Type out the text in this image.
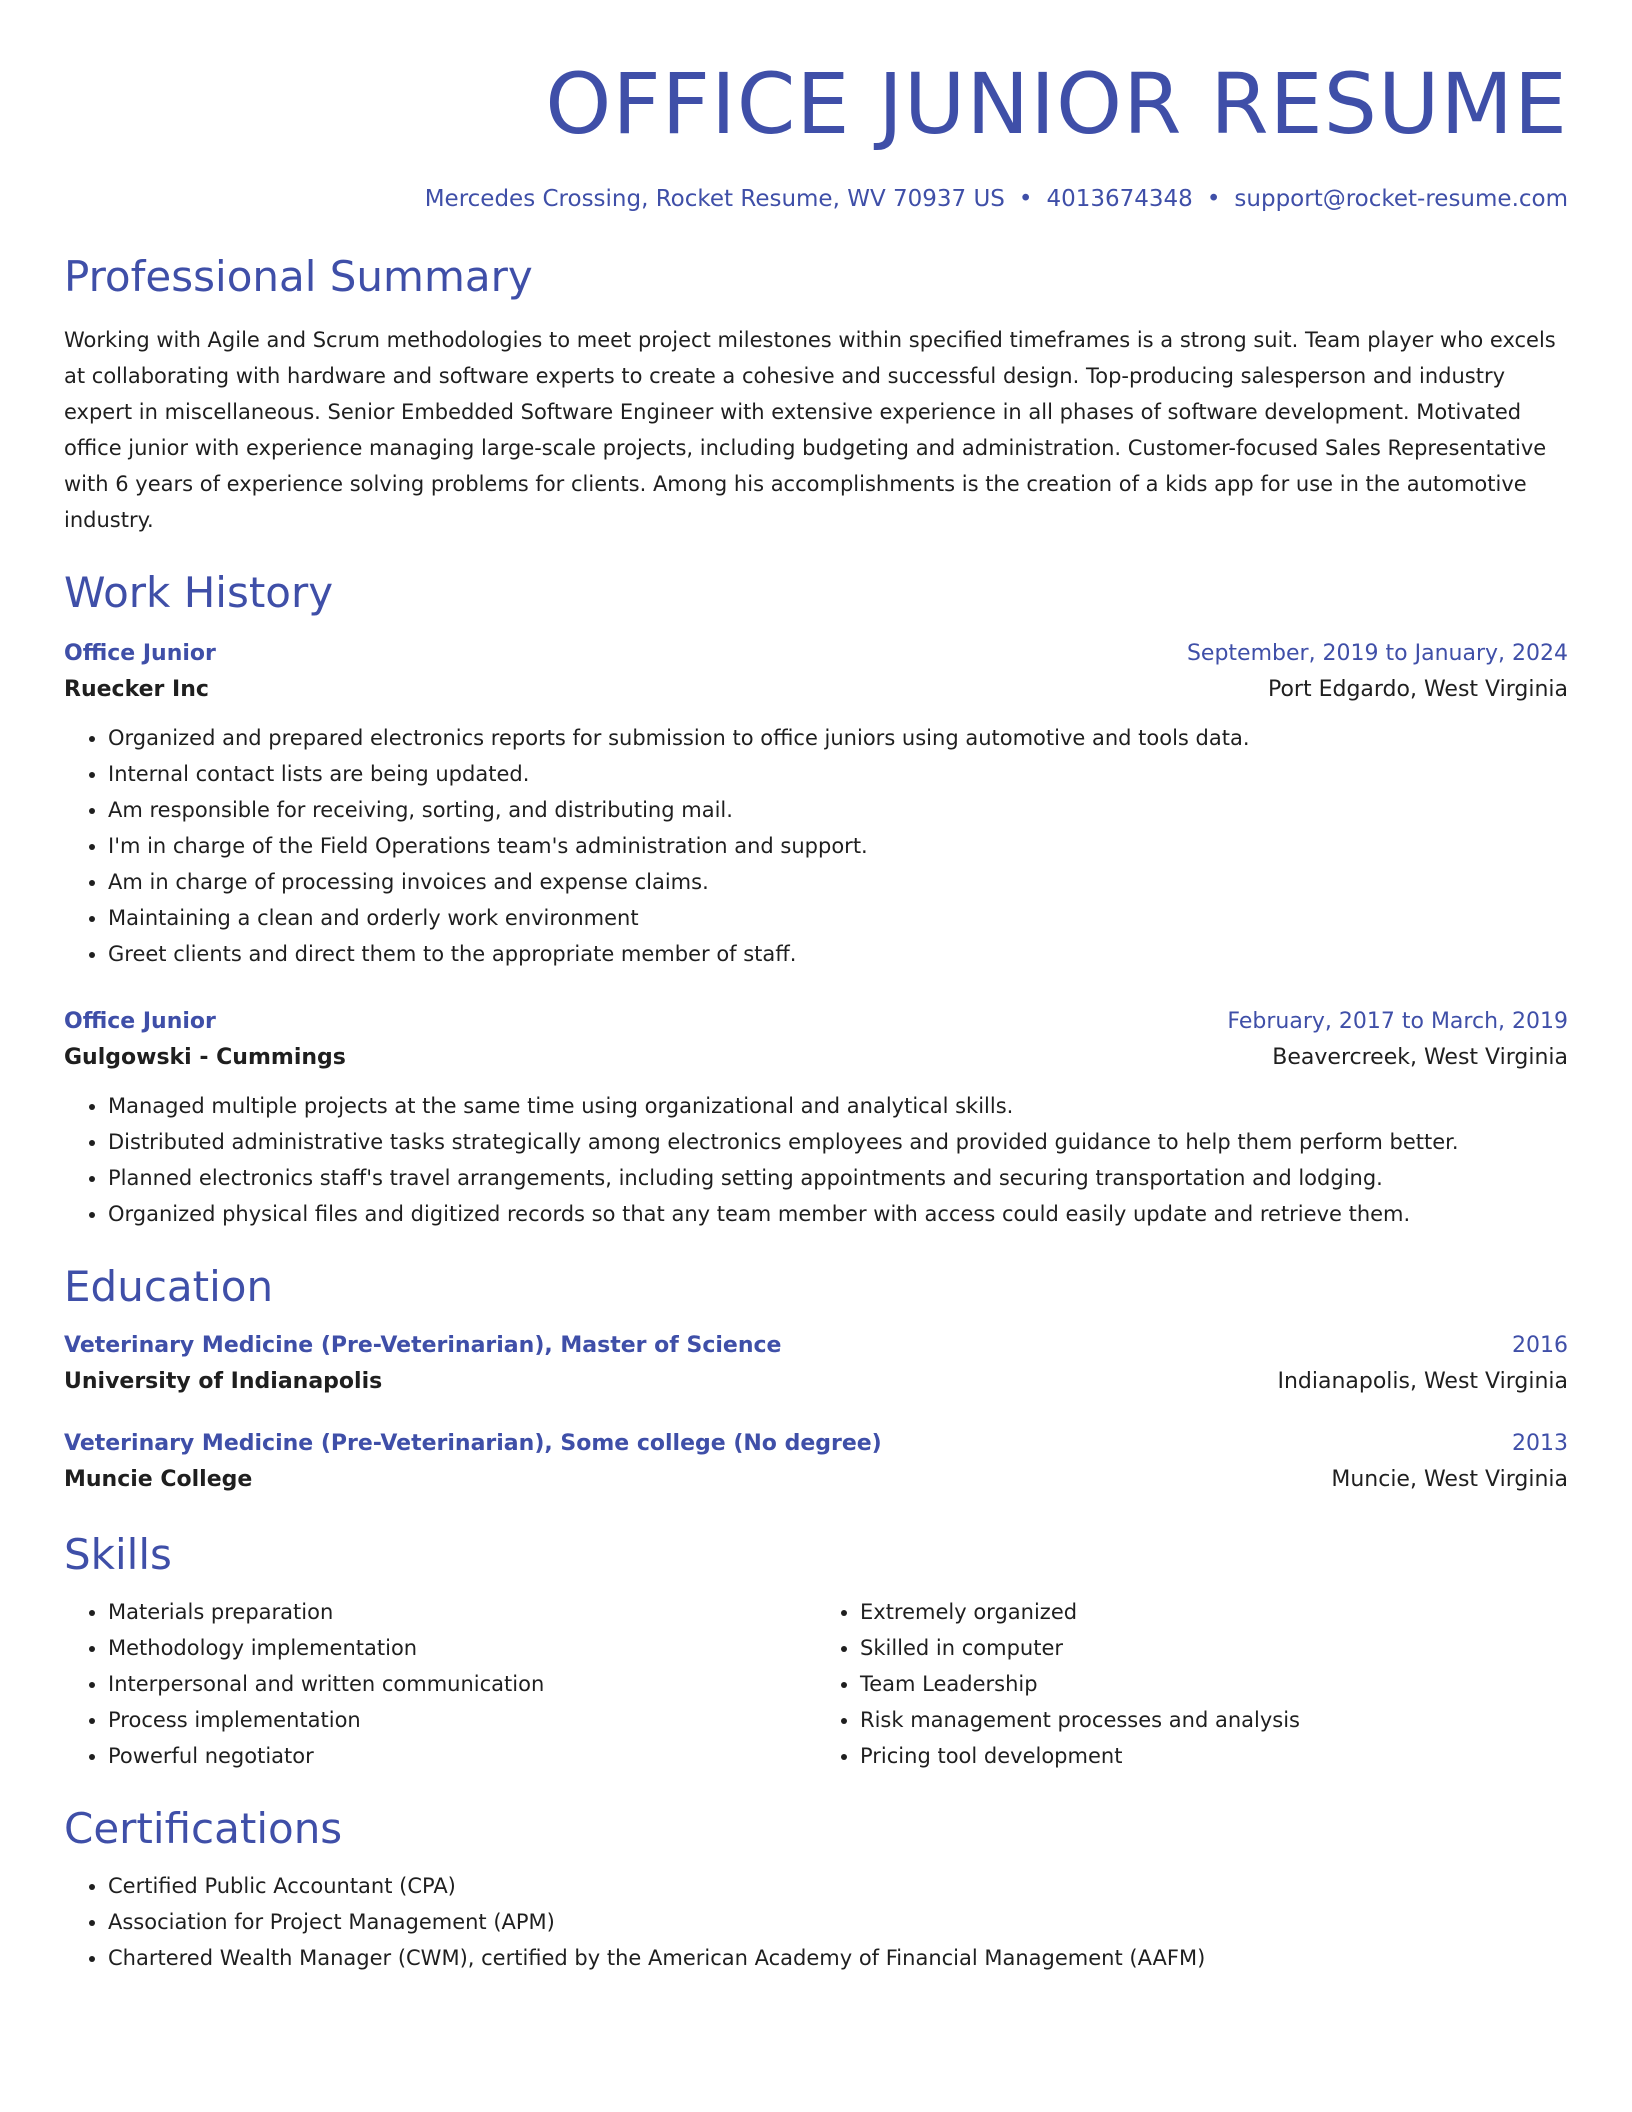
OFFICE JUNIOR RESUME
Mercedes Crossing, Rocket Resume, WV 70937 US • 4013674348 • support@rocket-resume.com
Professional Summary
Working with Agile and Scrum methodologies to meet project milestones within specified timeframes is a strong suit. Team player who excels at collaborating with hardware and software experts to create a cohesive and successful design. Top-producing salesperson and industry expert in miscellaneous. Senior Embedded Software Engineer with extensive experience in all phases of software development. Motivated office junior with experience managing large-scale projects, including budgeting and administration. Customer-focused Sales Representative with 6 years of experience solving problems for clients. Among his accomplishments is the creation of a kids app for use in the automotive industry.
Work History
Office Junior	September, 2019 to January, 2024
Ruecker Inc	Port Edgardo, West Virginia
• Organized and prepared electronics reports for submission to office juniors using automotive and tools data.
• Internal contact lists are being updated.
• Am responsible for receiving, sorting, and distributing mail.
• I'm in charge of the Field Operations team's administration and support.
• Am in charge of processing invoices and expense claims.
• Maintaining a clean and orderly work environment
• Greet clients and direct them to the appropriate member of staff.
Office Junior	February, 2017 to March, 2019
Gulgowski - Cummings	Beavercreek, West Virginia
• Managed multiple projects at the same time using organizational and analytical skills.
• Distributed administrative tasks strategically among electronics employees and provided guidance to help them perform better.
• Planned electronics staff's travel arrangements, including setting appointments and securing transportation and lodging.
• Organized physical files and digitized records so that any team member with access could easily update and retrieve them.
Education
Veterinary Medicine (Pre-Veterinarian), Master of Science	2016
University of Indianapolis	Indianapolis, West Virginia
Veterinary Medicine (Pre-Veterinarian), Some college (No degree)	2013
Muncie College	Muncie, West Virginia
Skills
• Materials preparation
• Methodology implementation
• Interpersonal and written communication
• Process implementation
• Powerful negotiator
• Extremely organized
• Skilled in computer
• Team Leadership
• Risk management processes and analysis
• Pricing tool development
Certifications
• Certified Public Accountant (CPA)
• Association for Project Management (APM)
• Chartered Wealth Manager (CWM), certified by the American Academy of Financial Management (AAFM)
